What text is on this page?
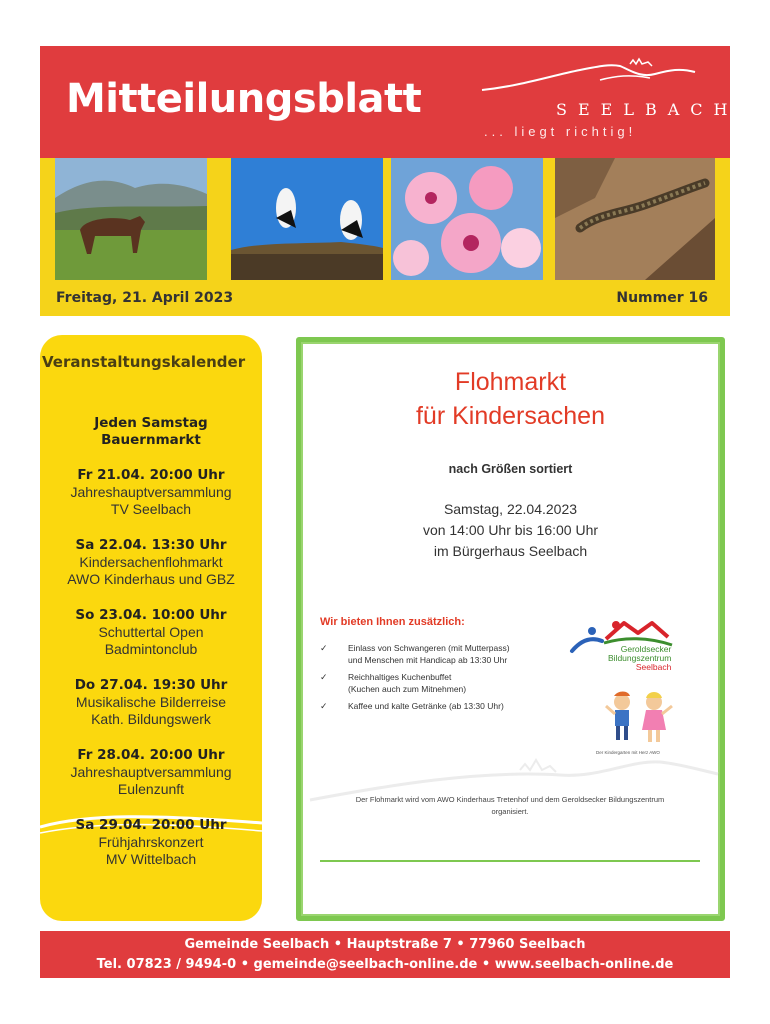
Mitteilungsblatt	SEELBACH
... liegt richtig!
Freitag, 21. April 2023	Nummer 16
Veranstaltungskalender
Jeden Samstag
Bauernmarkt
Fr 21.04. 20:00 Uhr
Jahreshauptversammlung
TV Seelbach
Sa 22.04. 13:30 Uhr
Kindersachenflohmarkt
AWO Kinderhaus und GBZ
So 23.04. 10:00 Uhr
Schuttertal Open
Badmintonclub
Do 27.04. 19:30 Uhr
Musikalische Bilderreise
Kath. Bildungswerk
Fr 28.04. 20:00 Uhr
Jahreshauptversammlung
Eulenzunft
Sa 29.04. 20:00 Uhr
Frühjahrskonzert
MV Wittelbach
Flohmarkt
für Kindersachen
nach Größen sortiert
Samstag, 22.04.2023
von 14:00 Uhr bis 16:00 Uhr
im Bürgerhaus Seelbach
Wir bieten Ihnen zusätzlich:
✓ Einlass von Schwangeren (mit Mutterpass)
und Menschen mit Handicap ab 13:30 Uhr
✓ Reichhaltiges Kuchenbuffet
(Kuchen auch zum Mitnehmen)
✓ Kaffee und kalte Getränke (ab 13:30 Uhr)
Geroldsecker
Bildungszentrum
Seelbach
Der Kindergarten mit Herz AWO
Der Flohmarkt wird vom AWO Kinderhaus Tretenhof und dem Geroldsecker Bildungszentrum
organisiert.
Gemeinde Seelbach • Hauptstraße 7 • 77960 Seelbach
Tel. 07823 / 9494-0 • gemeinde@seelbach-online.de • www.seelbach-online.de
